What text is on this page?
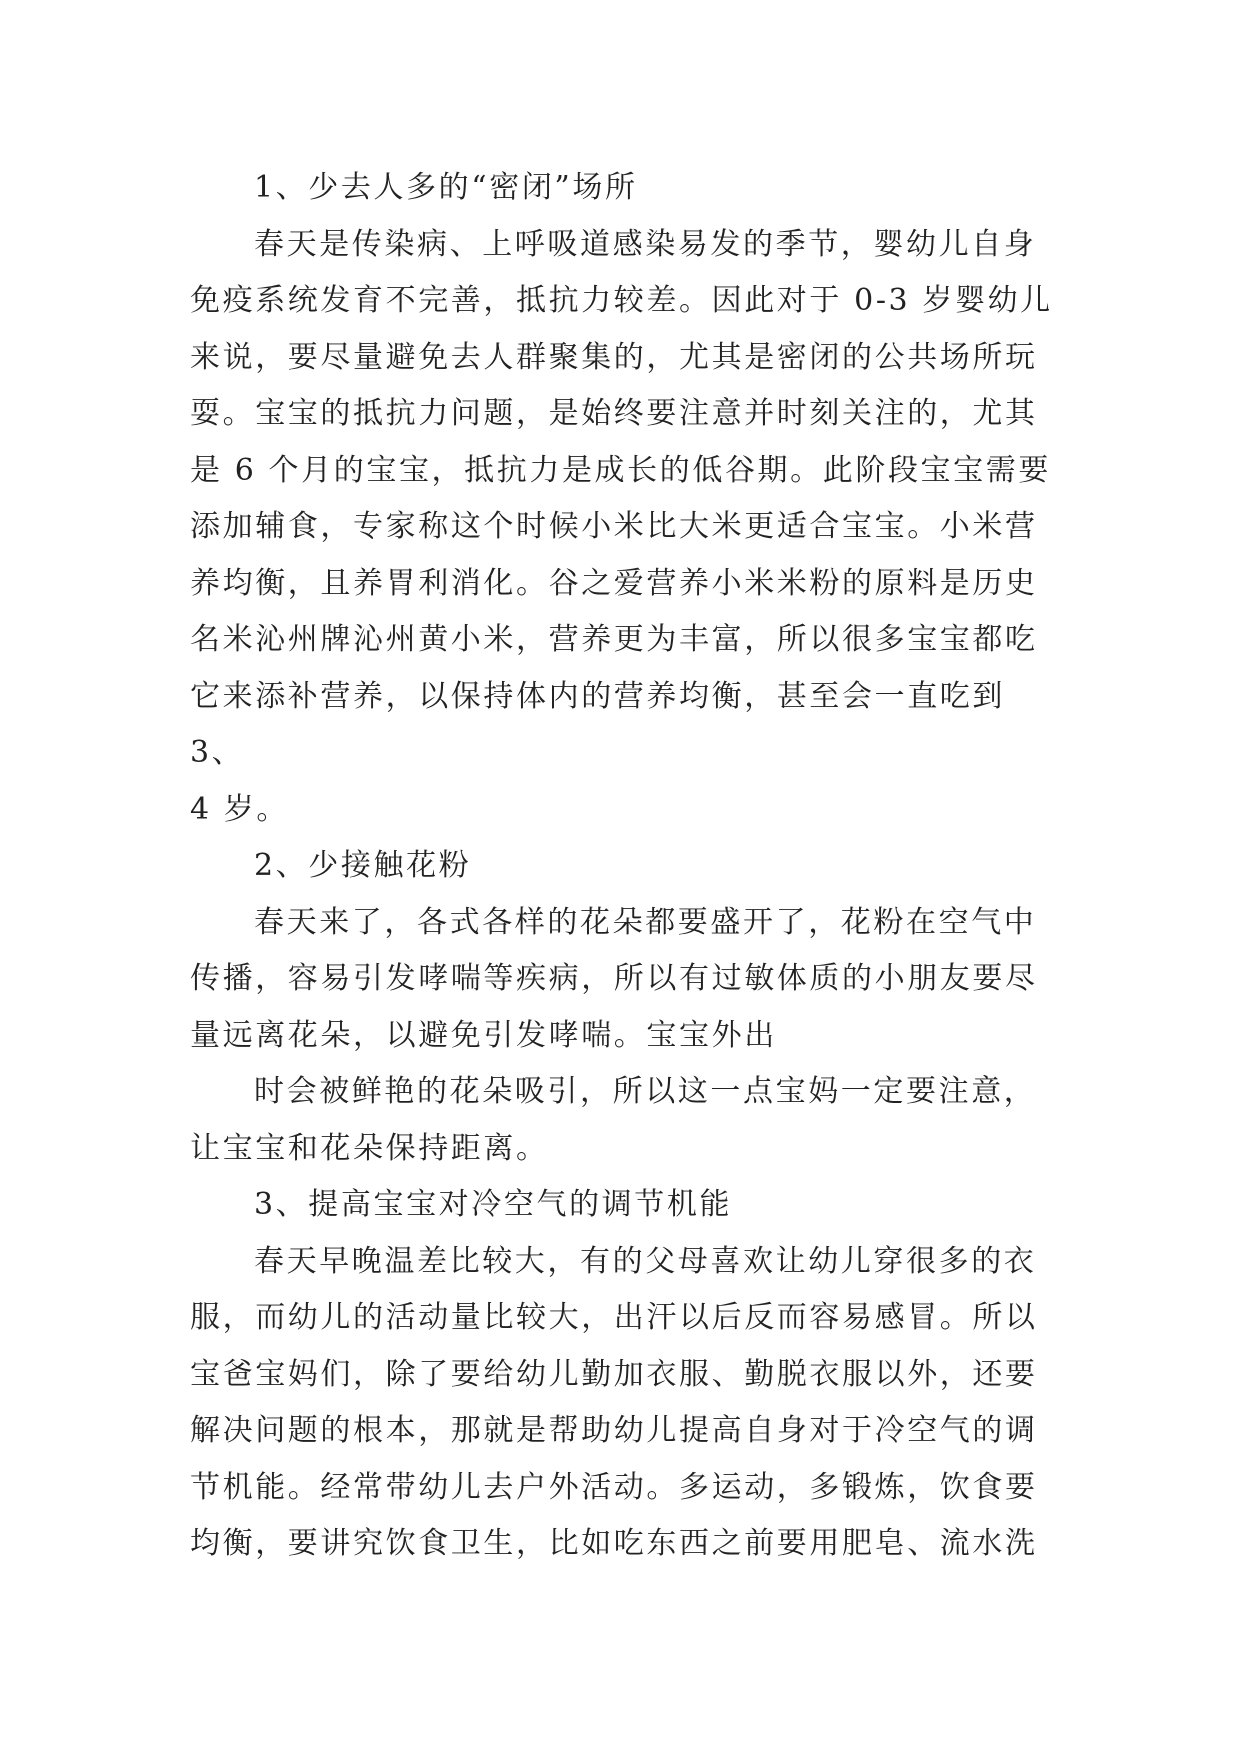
1、少去人多的“密闭”场所

春天是传染病、上呼吸道感染易发的季节，婴幼儿自身

免疫系统发育不完善，抵抗力较差。因此对于 0-3 岁婴幼儿

来说，要尽量避免去人群聚集的，尤其是密闭的公共场所玩

耍。宝宝的抵抗力问题，是始终要注意并时刻关注的，尤其

是 6 个月的宝宝，抵抗力是成长的低谷期。此阶段宝宝需要

添加辅食，专家称这个时候小米比大米更适合宝宝。小米营

养均衡，且养胃利消化。谷之爱营养小米米粉的原料是历史

名米沁州牌沁州黄小米，营养更为丰富，所以很多宝宝都吃

它来添补营养，以保持体内的营养均衡，甚至会一直吃到 3、

4 岁。

2、少接触花粉

春天来了，各式各样的花朵都要盛开了，花粉在空气中

传播，容易引发哮喘等疾病，所以有过敏体质的小朋友要尽

量远离花朵，以避免引发哮喘。宝宝外出

时会被鲜艳的花朵吸引，所以这一点宝妈一定要注意，

让宝宝和花朵保持距离。

3、提高宝宝对冷空气的调节机能

春天早晚温差比较大，有的父母喜欢让幼儿穿很多的衣

服，而幼儿的活动量比较大，出汗以后反而容易感冒。所以

宝爸宝妈们，除了要给幼儿勤加衣服、勤脱衣服以外，还要

解决问题的根本，那就是帮助幼儿提高自身对于冷空气的调

节机能。经常带幼儿去户外活动。多运动，多锻炼，饮食要

均衡，要讲究饮食卫生，比如吃东西之前要用肥皂、流水洗
